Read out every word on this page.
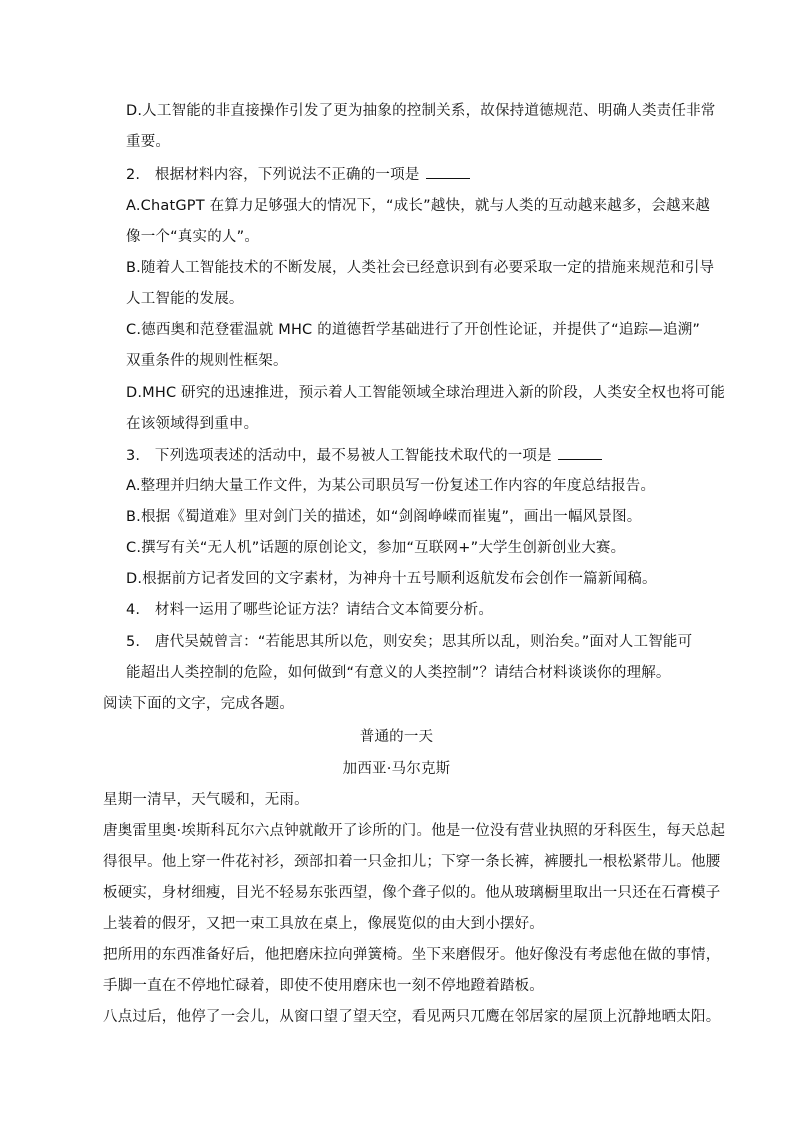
D.人工智能的非直接操作引发了更为抽象的控制关系，故保持道德规范、明确人类责任非常
重要。
2.　根据材料内容，下列说法不正确的一项是
A.ChatGPT 在算力足够强大的情况下，“成长”越快，就与人类的互动越来越多，会越来越
像一个“真实的人”。
B.随着人工智能技术的不断发展，人类社会已经意识到有必要采取一定的措施来规范和引导
人工智能的发展。
C.德西奥和范登霍温就 MHC 的道德哲学基础进行了开创性论证，并提供了“追踪—追溯”
双重条件的规则性框架。
D.MHC 研究的迅速推进，预示着人工智能领域全球治理进入新的阶段，人类安全权也将可能
在该领域得到重申。
3.　下列选项表述的活动中，最不易被人工智能技术取代的一项是
A.整理并归纳大量工作文件，为某公司职员写一份复述工作内容的年度总结报告。
B.根据《蜀道难》里对剑门关的描述，如“剑阁峥嵘而崔嵬”，画出一幅风景图。
C.撰写有关“无人机”话题的原创论文，参加“互联网+”大学生创新创业大赛。
D.根据前方记者发回的文字素材，为神舟十五号顺利返航发布会创作一篇新闻稿。
4.　材料一运用了哪些论证方法？请结合文本简要分析。
5.　唐代吴兢曾言：“若能思其所以危，则安矣；思其所以乱，则治矣。”面对人工智能可
能超出人类控制的危险，如何做到“有意义的人类控制”？请结合材料谈谈你的理解。
阅读下面的文字，完成各题。
普通的一天
加西亚·马尔克斯
星期一清早，天气暖和，无雨。
唐奥雷里奥·埃斯科瓦尔六点钟就敞开了诊所的门。他是一位没有营业执照的牙科医生，每天总起
得很早。他上穿一件花衬衫，颈部扣着一只金扣儿；下穿一条长裤，裤腰扎一根松紧带儿。他腰
板硬实，身材细瘦，目光不轻易东张西望，像个聋子似的。他从玻璃橱里取出一只还在石膏模子
上装着的假牙，又把一束工具放在桌上，像展览似的由大到小摆好。
把所用的东西准备好后，他把磨床拉向弹簧椅。坐下来磨假牙。他好像没有考虑他在做的事情，
手脚一直在不停地忙碌着，即使不使用磨床也一刻不停地蹬着踏板。
八点过后，他停了一会儿，从窗口望了望天空，看见两只兀鹰在邻居家的屋顶上沉静地晒太阳。
